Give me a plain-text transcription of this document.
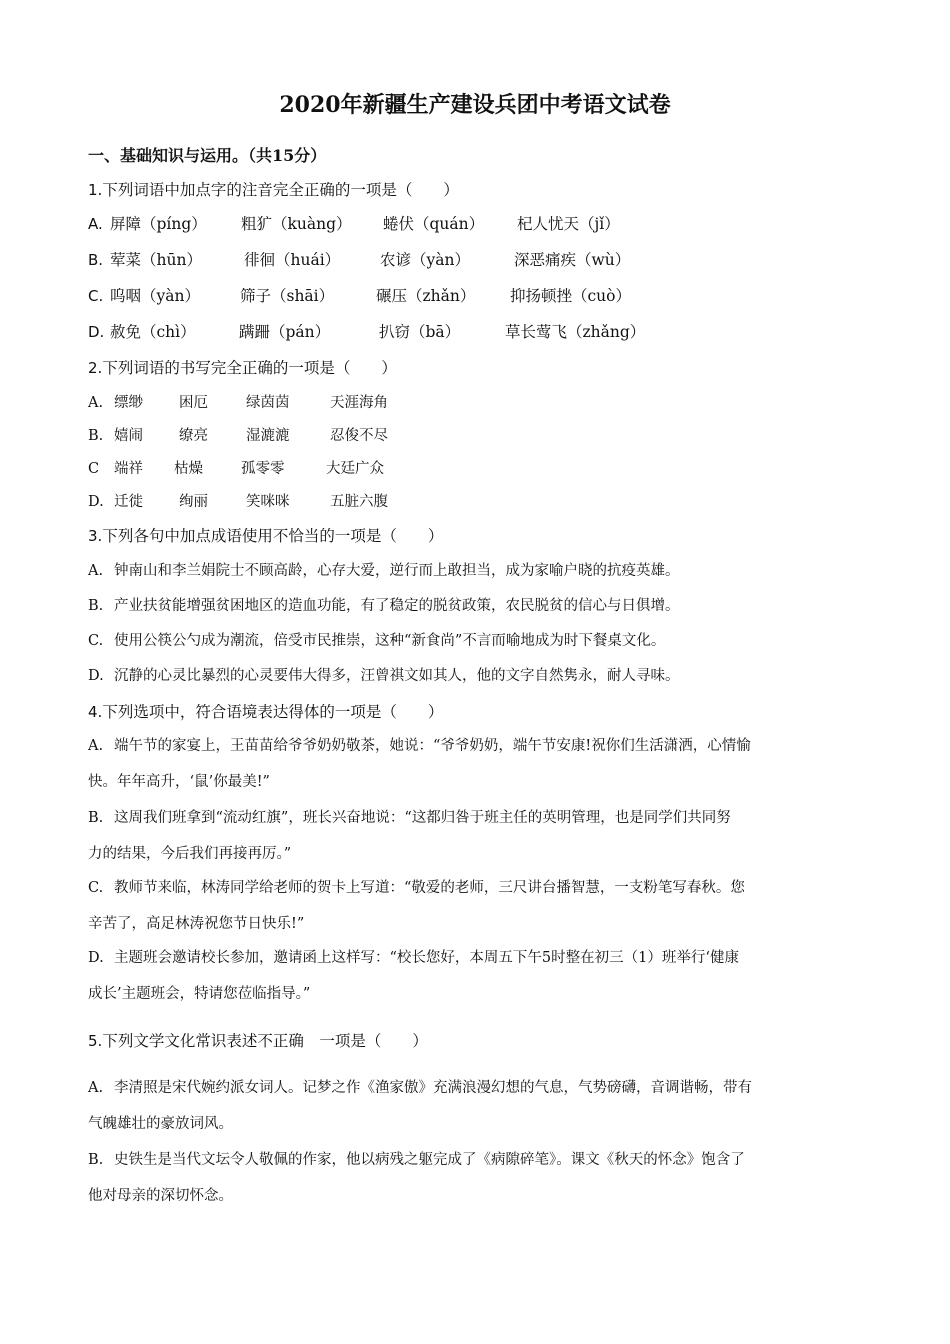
2020年新疆生产建设兵团中考语文试卷
一、基础知识与运用。（共15分）
1.下列词语中加点字的注音完全正确的一项是（　　）
A. 屏障（píng） 粗犷（kuàng） 蜷伏（quán） 杞人忧天（jǐ）
B. 荤菜（hūn）	徘徊（huái）	农谚（yàn）	深恶痛疾（wù）
C. 呜咽（yàn）	筛子（shāi）	碾压（zhǎn） 抑扬顿挫（cuò）
D. 赦免（chì）	蹒跚（pán）	扒窃（bā）	草长莺飞（zhǎng）
2.下列词语的书写完全正确的一项是（　　）
A. 缥缈 困厄	绿茵茵	天涯海角
B. 嬉闹 缭亮	湿漉漉	忍俊不尽
C 端祥 枯燥	孤零零	大廷广众
D. 迁徙 绚丽	笑咪咪	五脏六腹
3.下列各句中加点成语使用不恰当的一项是（　　）
A. 钟南山和李兰娟院士不顾高龄，心存大爱，逆行而上敢担当，成为家喻户晓的抗疫英雄。
B. 产业扶贫能增强贫困地区的造血功能，有了稳定的脱贫政策，农民脱贫的信心与日俱增。
C. 使用公筷公勺成为潮流，倍受市民推崇，这种“新食尚”不言而喻地成为时下餐桌文化。
D. 沉静的心灵比暴烈的心灵要伟大得多，汪曾祺文如其人，他的文字自然隽永，耐人寻味。
4.下列选项中，符合语境表达得体的一项是（　　）
A. 端午节的家宴上，王苗苗给爷爷奶奶敬茶，她说：“爷爷奶奶，端午节安康!祝你们生活潇洒，心情愉
快。年年高升，‘鼠’你最美!”
B. 这周我们班拿到“流动红旗”，班长兴奋地说：“这都归咎于班主任的英明管理，也是同学们共同努
力的结果，今后我们再接再厉。”
C. 教师节来临，林涛同学给老师的贺卡上写道：“敬爱的老师，三尺讲台播智慧，一支粉笔写春秋。您
辛苦了，高足林涛祝您节日快乐!”
D. 主题班会邀请校长参加，邀请函上这样写：“校长您好，本周五下午5时整在初三（1）班举行‘健康
成长’主题班会，特请您莅临指导。”
5.下列文学文化常识表述不正确　一项是（　　）
A. 李清照是宋代婉约派女词人。记梦之作《渔家傲》充满浪漫幻想的气息，气势磅礴，音调谐畅，带有
气魄雄壮的豪放词风。
B. 史铁生是当代文坛令人敬佩的作家，他以病残之躯完成了《病隙碎笔》。课文《秋天的怀念》饱含了
他对母亲的深切怀念。
